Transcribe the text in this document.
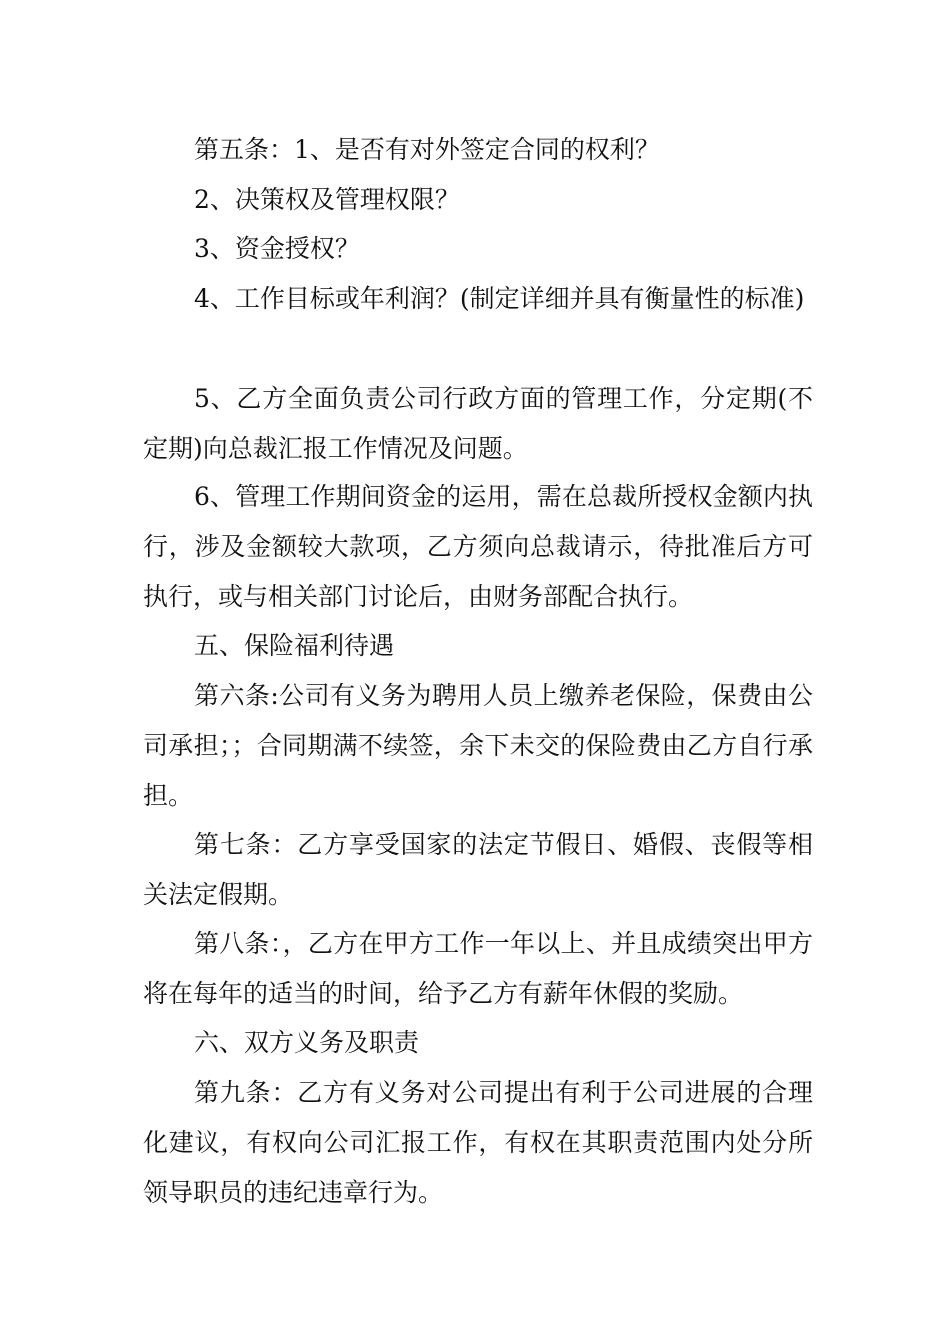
第五条：1、是否有对外签定合同的权利？

2、决策权及管理权限？

3、资金授权？

4、工作目标或年利润？(制定详细并具有衡量性的标准)

5、乙方全面负责公司行政方面的管理工作，分定期(不定期)向总裁汇报工作情况及问题。

6、管理工作期间资金的运用，需在总裁所授权金额内执行，涉及金额较大款项，乙方须向总裁请示，待批准后方可执行，或与相关部门讨论后，由财务部配合执行。

五、保险福利待遇

第六条:公司有义务为聘用人员上缴养老保险，保费由公司承担；；合同期满不续签，余下未交的保险费由乙方自行承担。

第七条：乙方享受国家的法定节假日、婚假、丧假等相关法定假期。

第八条：，乙方在甲方工作一年以上、并且成绩突出甲方将在每年的适当的时间，给予乙方有薪年休假的奖励。

六、双方义务及职责

第九条：乙方有义务对公司提出有利于公司进展的合理化建议，有权向公司汇报工作，有权在其职责范围内处分所领导职员的违纪违章行为。
